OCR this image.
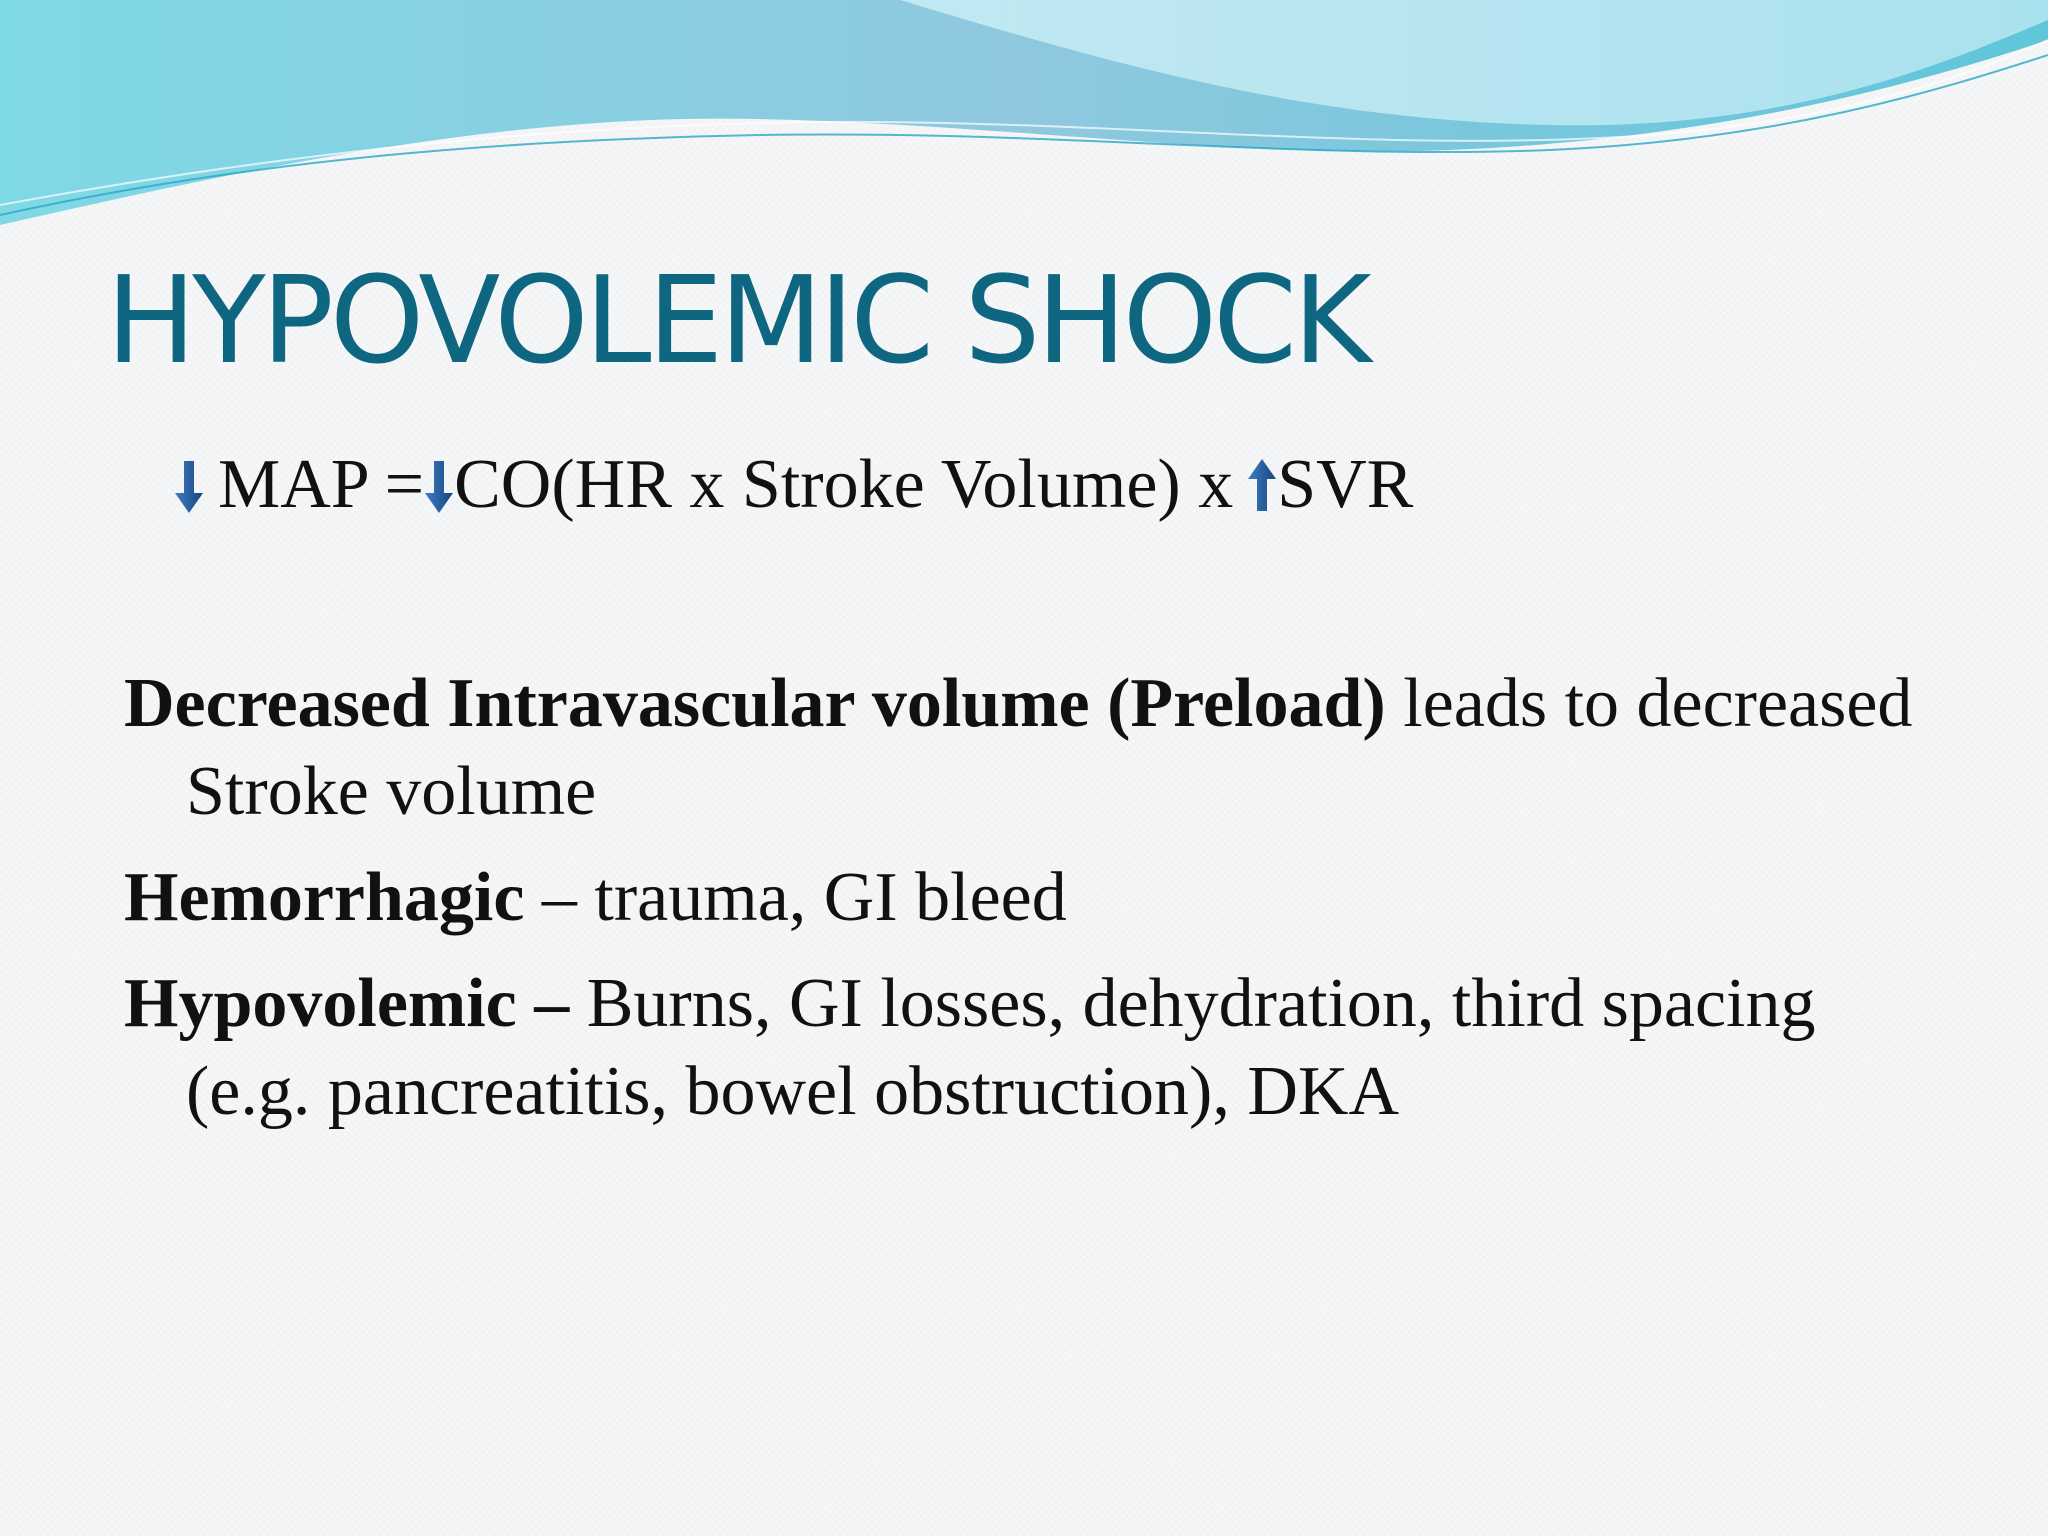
HYPOVOLEMIC SHOCK
MAP = CO(HR x Stroke Volume) x SVR
Decreased Intravascular volume (Preload) leads to decreased Stroke volume
Hemorrhagic – trauma, GI bleed
Hypovolemic – Burns, GI losses, dehydration, third spacing (e.g. pancreatitis, bowel obstruction), DKA
